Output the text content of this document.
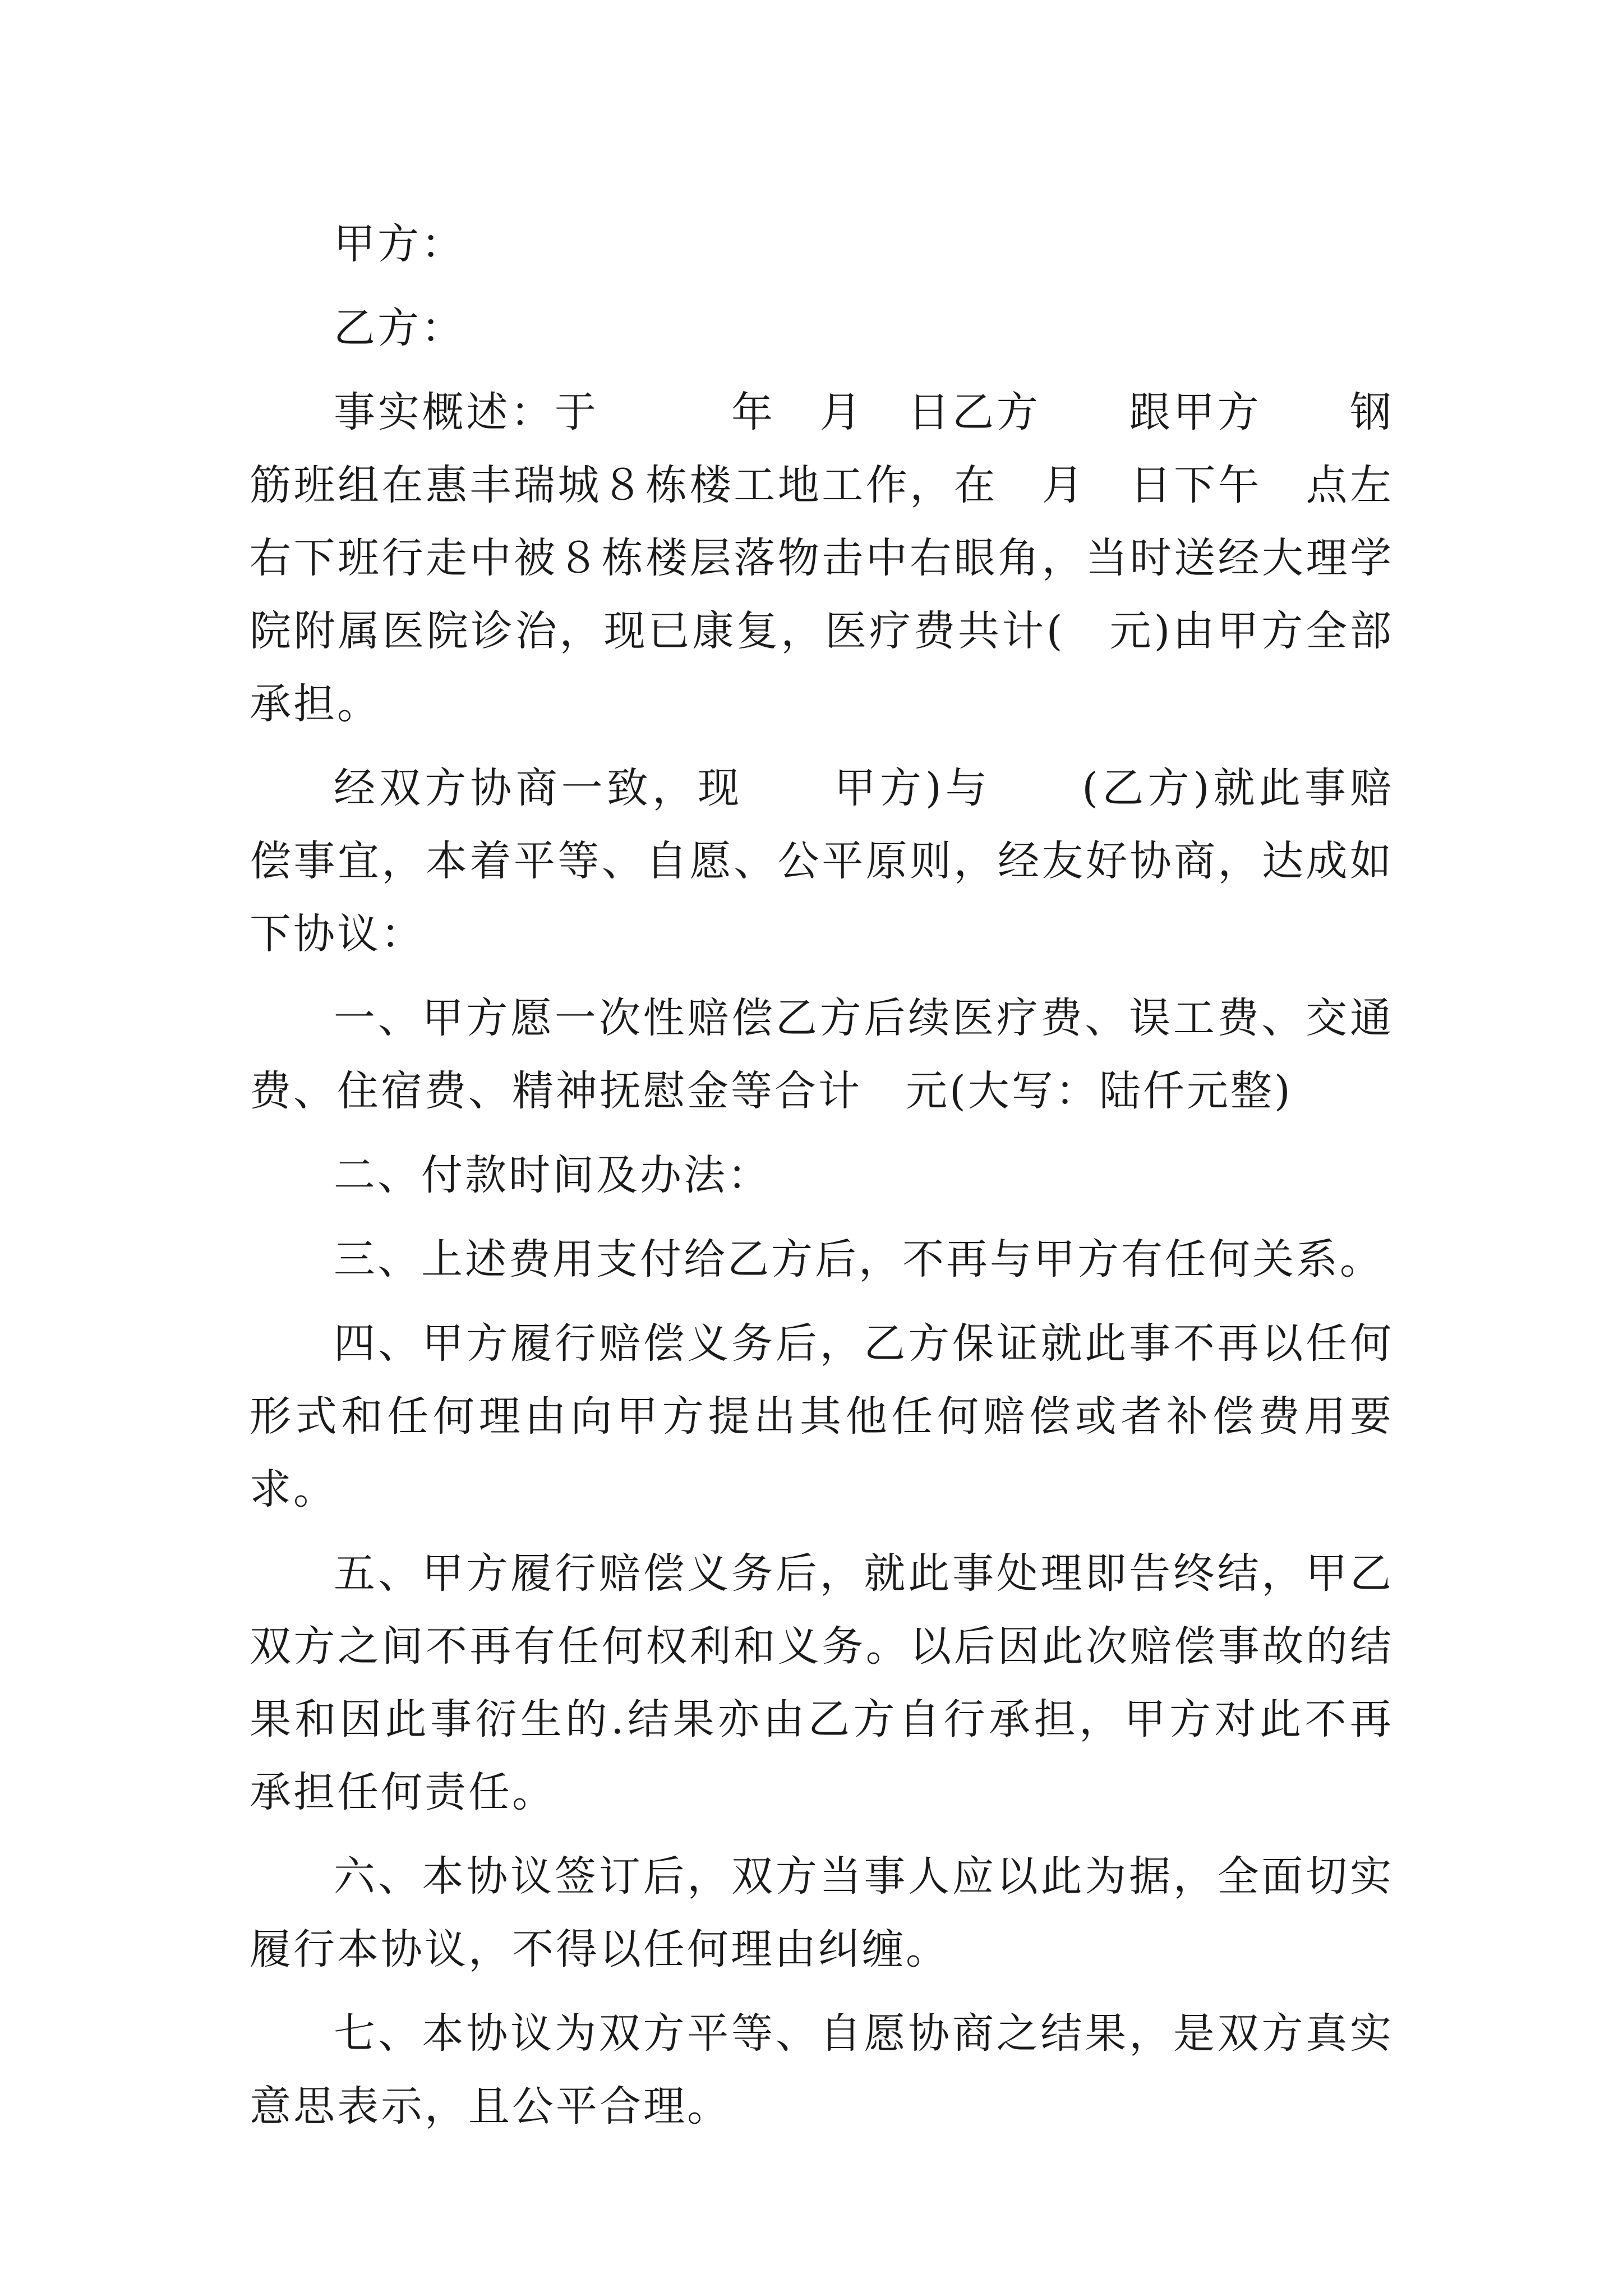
甲方：

乙方：

事实概述：于　　　年　月　日乙方　　跟甲方　　钢筋班组在惠丰瑞城８栋楼工地工作，在　月　日下午　点左右下班行走中被８栋楼层落物击中右眼角，当时送经大理学院附属医院诊治，现已康复，医疗费共计(　元)由甲方全部承担。

经双方协商一致，现　　甲方)与　　(乙方)就此事赔偿事宜，本着平等、自愿、公平原则，经友好协商，达成如下协议：

一、甲方愿一次性赔偿乙方后续医疗费、误工费、交通费、住宿费、精神抚慰金等合计　元(大写：陆仟元整)

二、付款时间及办法：

三、上述费用支付给乙方后，不再与甲方有任何关系。

四、甲方履行赔偿义务后，乙方保证就此事不再以任何形式和任何理由向甲方提出其他任何赔偿或者补偿费用要求。

五、甲方履行赔偿义务后，就此事处理即告终结，甲乙双方之间不再有任何权利和义务。以后因此次赔偿事故的结果和因此事衍生的.结果亦由乙方自行承担，甲方对此不再承担任何责任。

六、本协议签订后，双方当事人应以此为据，全面切实履行本协议，不得以任何理由纠缠。

七、本协议为双方平等、自愿协商之结果，是双方真实意思表示，且公平合理。
